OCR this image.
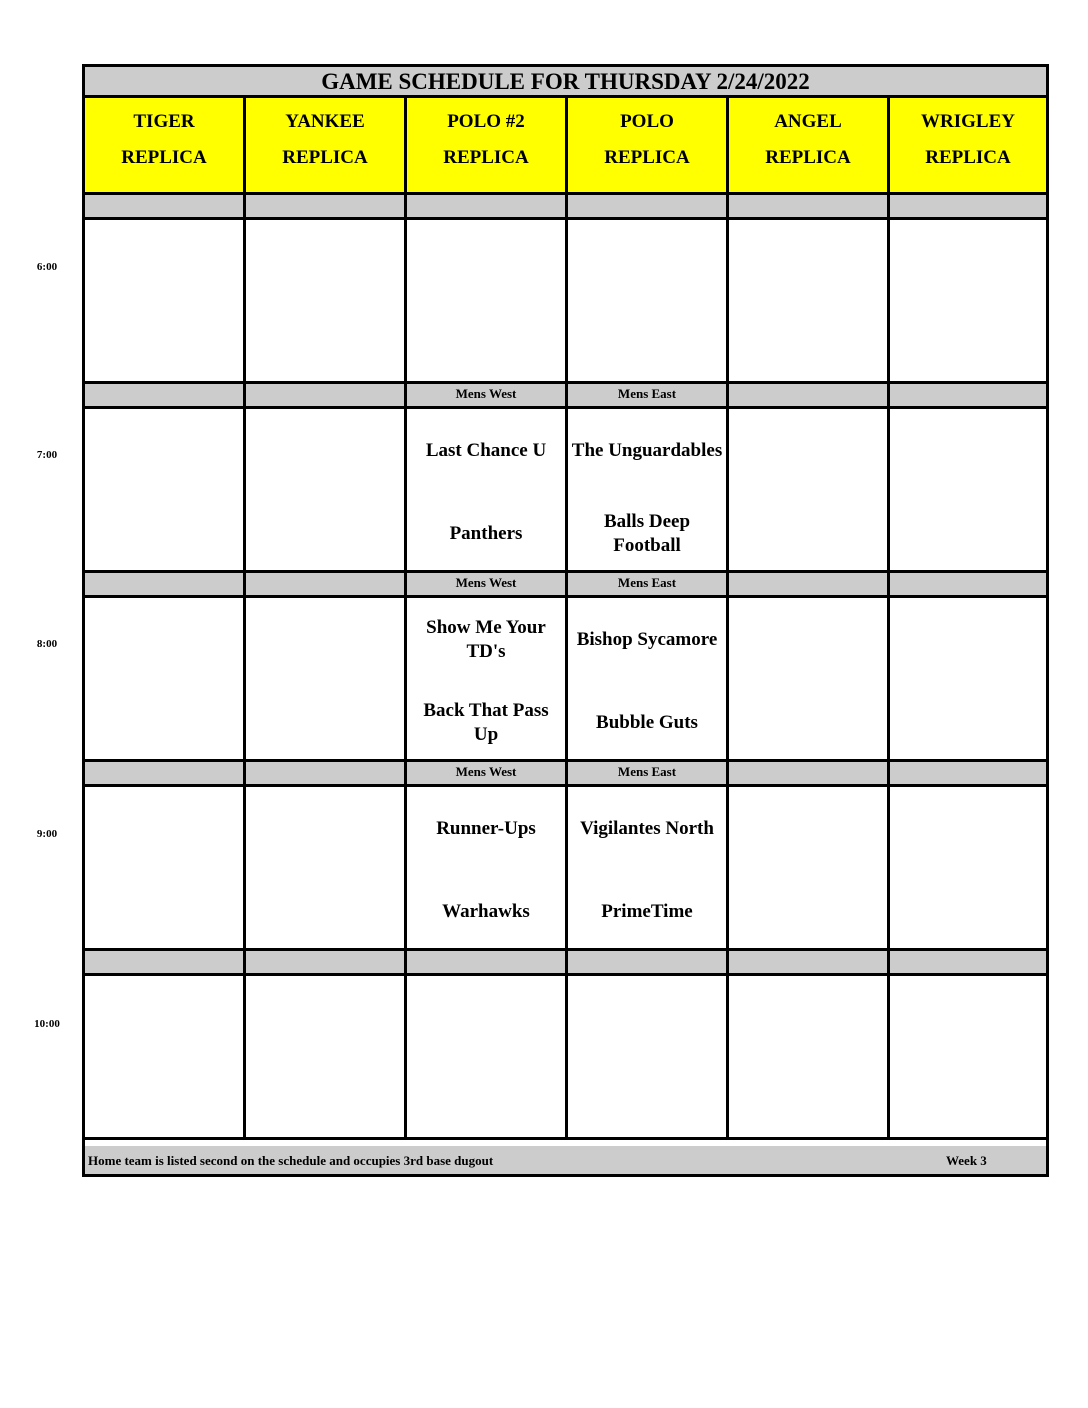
GAME SCHEDULE FOR THURSDAY 2/24/2022
Home team is listed second on the schedule and occupies 3rd base dugout	Week 3
TIGER
REPLICA
YANKEE
REPLICA
POLO #2
REPLICA
POLO
REPLICA
ANGEL
REPLICA
WRIGLEY
REPLICA
Mens West
Last Chance U
Panthers
Mens East
The Unguardables
Balls Deep Football
Mens West
Show Me Your TD's
Back That Pass Up
Mens East
Bishop Sycamore
Bubble Guts
Mens West
Runner-Ups
Warhawks
Mens East
Vigilantes North
PrimeTime
6:00
7:00
8:00
9:00
10:00
